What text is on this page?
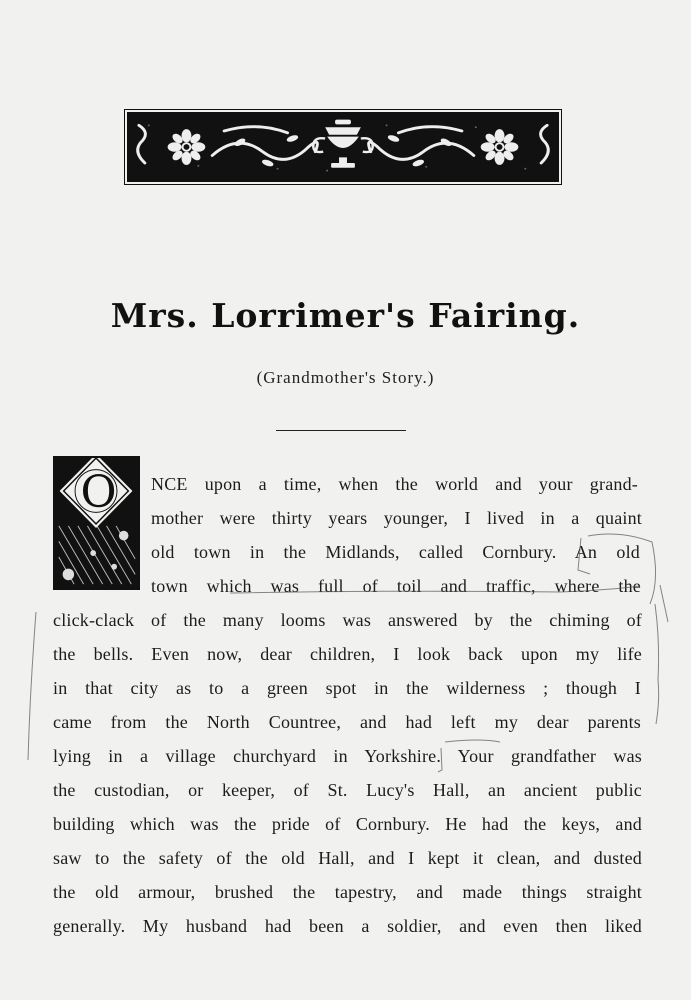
Mrs. Lorrimer's Fairing.
(Grandmother's Story.)
O	NCE upon a time, when the world and your grand-
mother were thirty years younger, I lived in a quaint
old town in the Midlands, called Cornbury. An old
town which was full of toil and traffic, where the
click-clack of the many looms was answered by the chiming of
the bells. Even now, dear children, I look back upon my life
in that city as to a green spot in the wilderness ; though I
came from the North Countree, and had left my dear parents
lying in a village churchyard in Yorkshire. Your grandfather was
the custodian, or keeper, of St. Lucy's Hall, an ancient public
building which was the pride of Cornbury. He had the keys, and
saw to the safety of the old Hall, and I kept it clean, and dusted
the old armour, brushed the tapestry, and made things straight
generally. My husband had been a soldier, and even then liked
